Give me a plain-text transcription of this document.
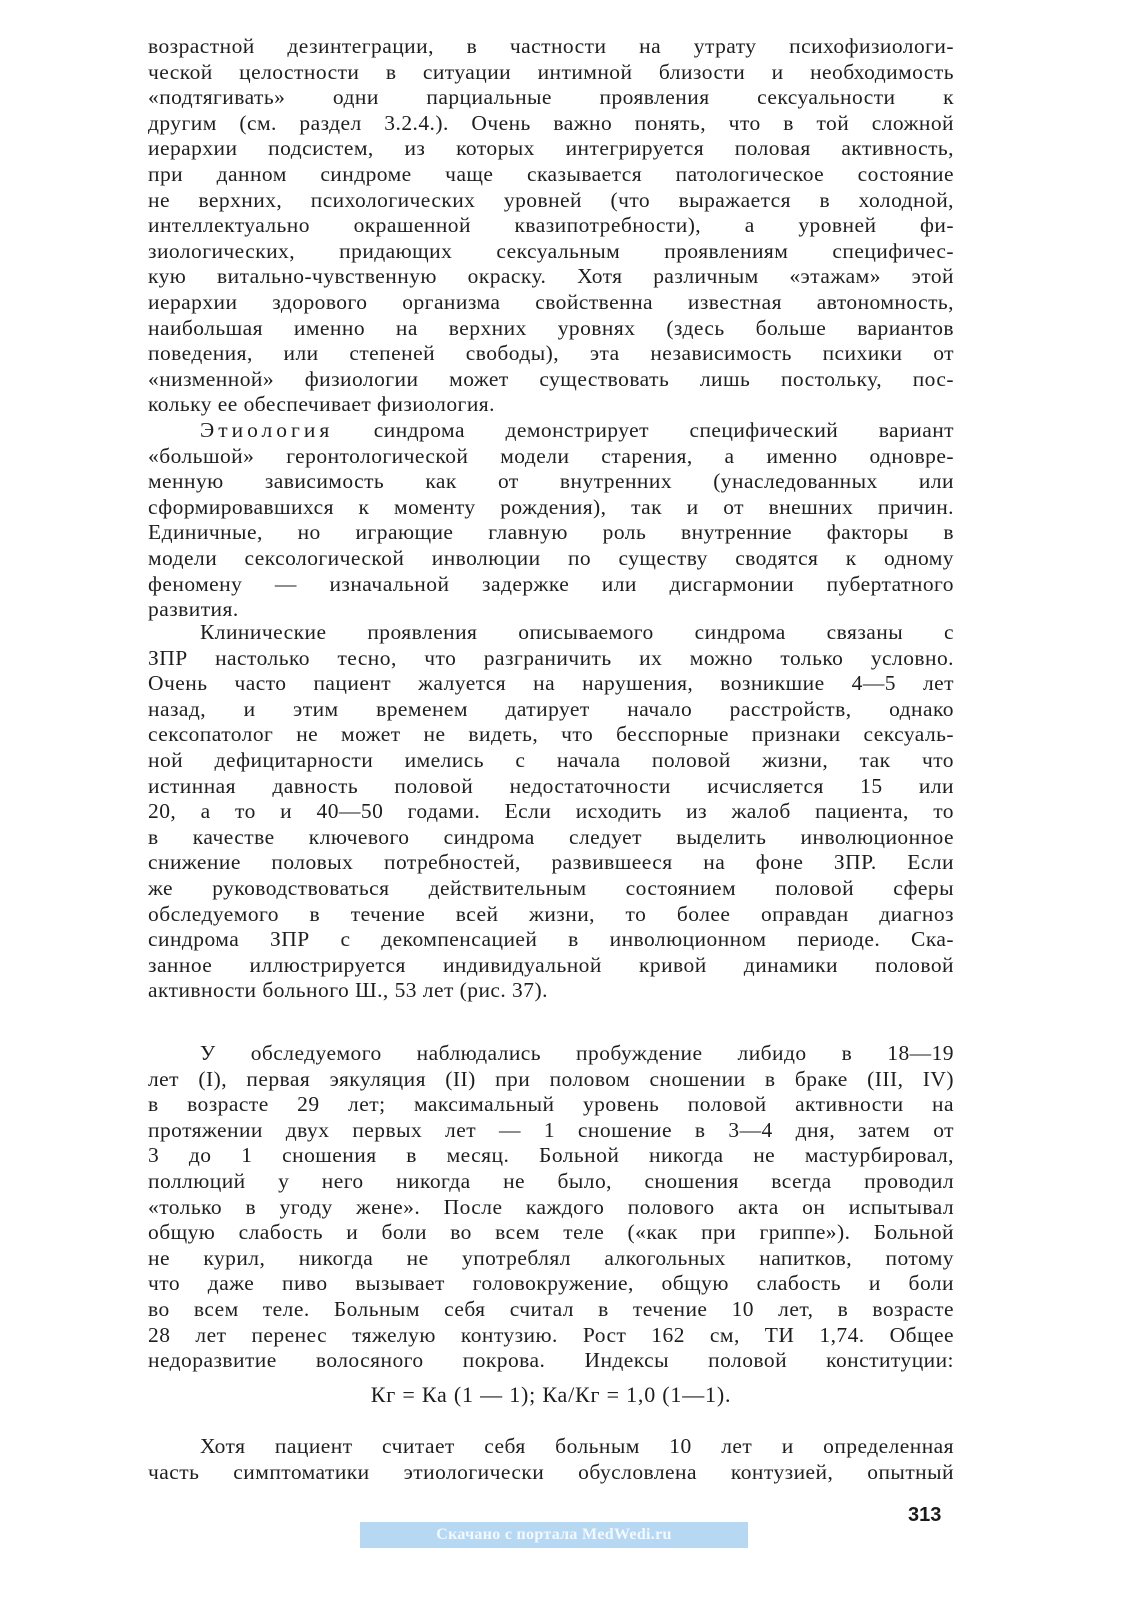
возрастной дезинтеграции, в частности на утрату психофизиологи-
ческой целостности в ситуации интимной близости и необходимость
«подтягивать» одни парциальные проявления сексуальности к
другим (см. раздел 3.2.4.). Очень важно понять, что в той сложной
иерархии подсистем, из которых интегрируется половая активность,
при данном синдроме чаще сказывается патологическое состояние
не верхних, психологических уровней (что выражается в холодной,
интеллектуально окрашенной квазипотребности), а уровней фи-
зиологических, придающих сексуальным проявлениям специфичес-
кую витально-чувственную окраску. Хотя различным «этажам» этой
иерархии здорового организма свойственна известная автономность,
наибольшая именно на верхних уровнях (здесь больше вариантов
поведения, или степеней свободы), эта независимость психики от
«низменной» физиологии может существовать лишь постольку, пос-
кольку ее обеспечивает физиология.
Этиология синдрома демонстрирует специфический вариант
«большой» геронтологической модели старения, а именно одновре-
менную зависимость как от внутренних (унаследованных или
сформировавшихся к моменту рождения), так и от внешних причин.
Единичные, но играющие главную роль внутренние факторы в
модели сексологической инволюции по существу сводятся к одному
феномену — изначальной задержке или дисгармонии пубертатного
развития.
Клинические проявления описываемого синдрома связаны с
ЗПР настолько тесно, что разграничить их можно только условно.
Очень часто пациент жалуется на нарушения, возникшие 4—5 лет
назад, и этим временем датирует начало расстройств, однако
сексопатолог не может не видеть, что бесспорные признаки сексуаль-
ной дефицитарности имелись с начала половой жизни, так что
истинная давность половой недостаточности исчисляется 15 или
20, а то и 40—50 годами. Если исходить из жалоб пациента, то
в качестве ключевого синдрома следует выделить инволюционное
снижение половых потребностей, развившееся на фоне ЗПР. Если
же руководствоваться действительным состоянием половой сферы
обследуемого в течение всей жизни, то более оправдан диагноз
синдрома ЗПР с декомпенсацией в инволюционном периоде. Ска-
занное иллюстрируется индивидуальной кривой динамики половой
активности больного Ш., 53 лет (рис. 37).
У обследуемого наблюдались пробуждение либидо в 18—19
лет (I), первая эякуляция (II) при половом сношении в браке (III, IV)
в возрасте 29 лет; максимальный уровень половой активности на
протяжении двух первых лет — 1 сношение в 3—4 дня, затем от
3 до 1 сношения в месяц. Больной никогда не мастурбировал,
поллюций у него никогда не было, сношения всегда проводил
«только в угоду жене». После каждого полового акта он испытывал
общую слабость и боли во всем теле («как при гриппе»). Больной
не курил, никогда не употреблял алкогольных напитков, потому
что даже пиво вызывает головокружение, общую слабость и боли
во всем теле. Больным себя считал в течение 10 лет, в возрасте
28 лет перенес тяжелую контузию. Рост 162 см, ТИ 1,74. Общее
недоразвитие волосяного покрова. Индексы половой конституции:
Кг = Ка (1 — 1); Ка/Кг = 1,0 (1—1).
Хотя пациент считает себя больным 10 лет и определенная
часть симптоматики этиологически обусловлена контузией, опытный
313
Скачано с портала MedWedi.ru
